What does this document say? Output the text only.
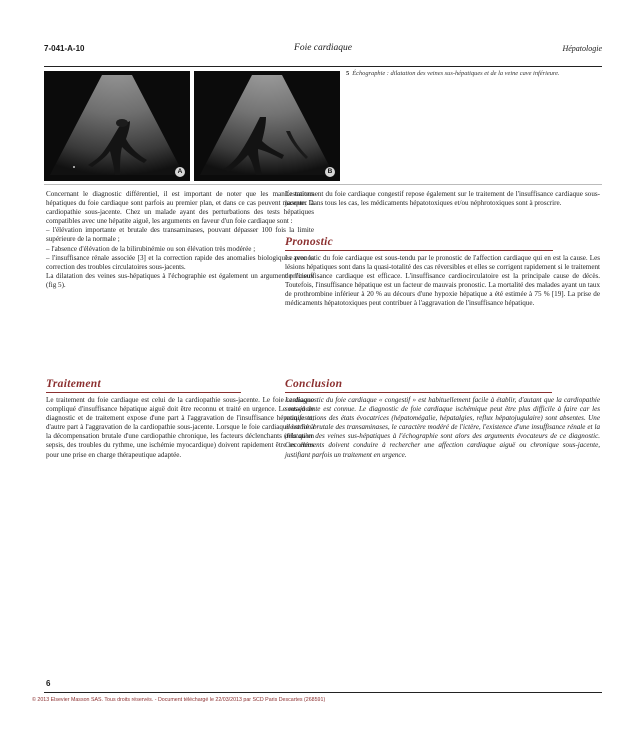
7-041-A-10	Foie cardiaque	Hépatologie
A	B
5 Échographie : dilatation des veines sus-hépatiques et de la veine cave inférieure.

Concernant le diagnostic différentiel, il est important de noter que les manifestations hépatiques du foie cardiaque sont parfois au premier plan, et dans ce cas peuvent masquer la cardiopathie sous-jacente. Chez un malade ayant des perturbations des tests hépatiques compatibles avec une hépatite aiguë, les arguments en faveur d'un foie cardiaque sont :

– l'élévation importante et brutale des transaminases, pouvant dépasser 100 fois la limite supérieure de la normale ;

– l'absence d'élévation de la bilirubinémie ou son élévation très modérée ;

– l'insuffisance rénale associée [3] et la correction rapide des anomalies biologiques avec la correction des troubles circulatoires sous-jacents.

La dilatation des veines sus-hépatiques à l'échographie est également un argument précieux (fig 5).

Traitement

Le traitement du foie cardiaque est celui de la cardiopathie sous-jacente. Le foie cardiaque compliqué d'insuffisance hépatique aiguë doit être reconnu et traité en urgence. Le retard de diagnostic et de traitement expose d'une part à l'aggravation de l'insuffisance hépatique et, d'autre part à l'aggravation de la cardiopathie sous-jacente. Lorsque le foie cardiaque est lié à la décompensation brutale d'une cardiopathie chronique, les facteurs déclenchants (tels qu'un sepsis, des troubles du rythme, une ischémie myocardique) doivent rapidement être reconnus pour une prise en charge thérapeutique adaptée.

Le traitement du foie cardiaque congestif repose également sur le traitement de l'insuffisance cardiaque sous-jacente. Dans tous les cas, les médicaments hépatotoxiques et/ou néphrotoxiques sont à proscrire.

Pronostic

Le pronostic du foie cardiaque est sous-tendu par le pronostic de l'affection cardiaque qui en est la cause. Les lésions hépatiques sont dans la quasi-totalité des cas réversibles et elles se corrigent rapidement si le traitement de l'insuffisance cardiaque est efficace. L'insuffisance cardiocirculatoire est la principale cause de décès. Toutefois, l'insuffisance hépatique est un facteur de mauvais pronostic. La mortalité des malades ayant un taux de prothrombine inférieur à 20 % au décours d'une hypoxie hépatique a été estimée à 75 % [19]. La prise de médicaments hépatotoxiques peut contribuer à l'aggravation de l'insuffisance hépatique.

Conclusion

Le diagnostic du foie cardiaque « congestif » est habituellement facile à établir, d'autant que la cardiopathie sous-jacente est connue. Le diagnostic de foie cardiaque ischémique peut être plus difficile à faire car les manifestations des états évocatrices (hépatomégalie, hépatalgies, reflux hépatojugulaire) sont absentes. Une élévation brutale des transaminases, le caractère modéré de l'ictère, l'existence d'une insuffisance rénale et la dilatation des veines sus-hépatiques à l'échographie sont alors des arguments évocateurs de ce diagnostic. Ces éléments doivent conduire à rechercher une affection cardiaque aiguë ou chronique sous-jacente, justifiant parfois un traitement en urgence.

6
© 2013 Elsevier Masson SAS. Tous droits réservés. - Document téléchargé le 22/03/2013 par SCD Paris Descartes (268591)
